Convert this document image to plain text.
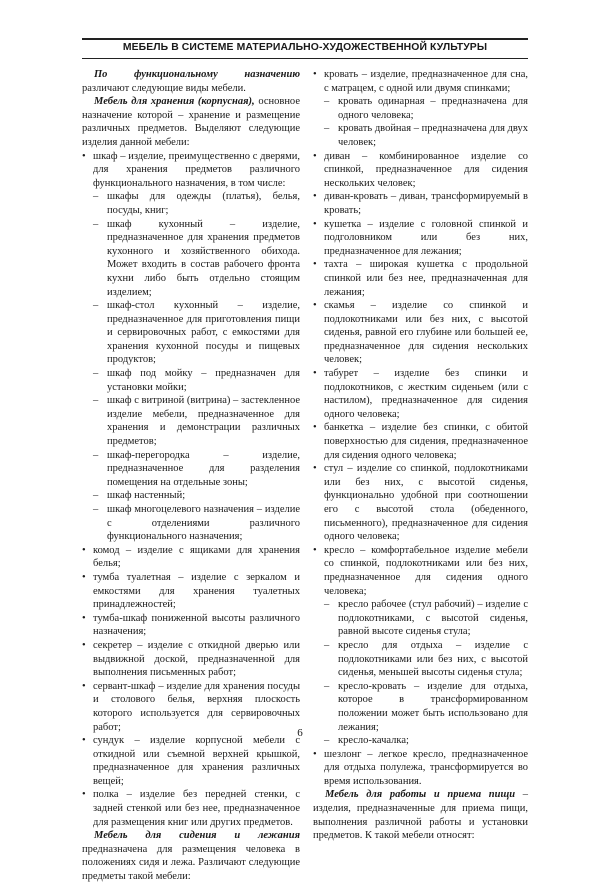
МЕБЕЛЬ В СИСТЕМЕ МАТЕРИАЛЬНО-ХУДОЖЕСТВЕННОЙ КУЛЬТУРЫ

По функциональному назначению различают следующие виды мебели.

Мебель для хранения (корпусная), основное назначение которой – хранение и размещение различных предметов. Выделяют следующие изделия данной мебели:

• шкаф – изделие, преимущественно с дверями, для хранения предметов различного функционального назначения, в том числе:
– шкафы для одежды (платья), белья, посуды, книг;
– шкаф кухонный – изделие, предназначенное для хранения предметов кухонного и хозяйственного обихода. Может входить в состав рабочего фронта кухни либо быть отдельно стоящим изделием;
– шкаф-стол кухонный – изделие, предназначенное для приготовления пищи и сервировочных работ, с емкостями для хранения кухонной посуды и пищевых продуктов;
– шкаф под мойку – предназначен для установки мойки;
– шкаф с витриной (витрина) – застекленное изделие мебели, предназначенное для хранения и демонстрации различных предметов;
– шкаф-перегородка – изделие, предназначенное для разделения помещения на отдельные зоны;
– шкаф настенный;
– шкаф многоцелевого назначения – изделие с отделениями различного функционального назначения;
• комод – изделие с ящиками для хранения белья;
• тумба туалетная – изделие с зеркалом и емкостями для хранения туалетных принадлежностей;
• тумба-шкаф пониженной высоты различного назначения;
• секретер – изделие с откидной дверью или выдвижной доской, предназначенной для выполнения письменных работ;
• сервант-шкаф – изделие для хранения посуды и столового белья, верхняя плоскость которого используется для сервировочных работ;
• сундук – изделие корпусной мебели с откидной или съемной верхней крышкой, предназначенное для хранения различных вещей;
• полка – изделие без передней стенки, с задней стенкой или без нее, предназначенное для размещения книг или других предметов.

Мебель для сидения и лежания предназначена для размещения человека в положениях сидя и лежа. Различают следующие предметы такой мебели:

• кровать – изделие, предназначенное для сна, с матрацем, с одной или двумя спинками;
– кровать одинарная – предназначена для одного человека;
– кровать двойная – предназначена для двух человек;
• диван – комбинированное изделие со спинкой, предназначенное для сидения нескольких человек;
• диван-кровать – диван, трансформируемый в кровать;
• кушетка – изделие с головной спинкой и подголовником или без них, предназначенное для лежания;
• тахта – широкая кушетка с продольной спинкой или без нее, предназначенная для лежания;
• скамья – изделие со спинкой и подлокотниками или без них, с высотой сиденья, равной его глубине или большей ее, предназначенное для сидения нескольких человек;
• табурет – изделие без спинки и подлокотников, с жестким сиденьем (или с настилом), предназначенное для сидения одного человека;
• банкетка – изделие без спинки, с обитой поверхностью для сидения, предназначенное для сидения одного человека;
• стул – изделие со спинкой, подлокотниками или без них, с высотой сиденья, функционально удобной при соотношении его с высотой стола (обеденного, письменного), предназначенное для сидения одного человека;
• кресло – комфортабельное изделие мебели со спинкой, подлокотниками или без них, предназначенное для сидения одного человека;
– кресло рабочее (стул рабочий) – изделие с подлокотниками, с высотой сиденья, равной высоте сиденья стула;
– кресло для отдыха – изделие с подлокотниками или без них, с высотой сиденья, меньшей высоты сиденья стула;
– кресло-кровать – изделие для отдыха, которое в трансформированном положении может быть использовано для лежания;
– кресло-качалка;
• шезлонг – легкое кресло, предназначенное для отдыха полулежа, трансформируется во время использования.

Мебель для работы и приема пищи – изделия, предназначенные для приема пищи, выполнения различной работы и установки предметов. К такой мебели относят:

6
